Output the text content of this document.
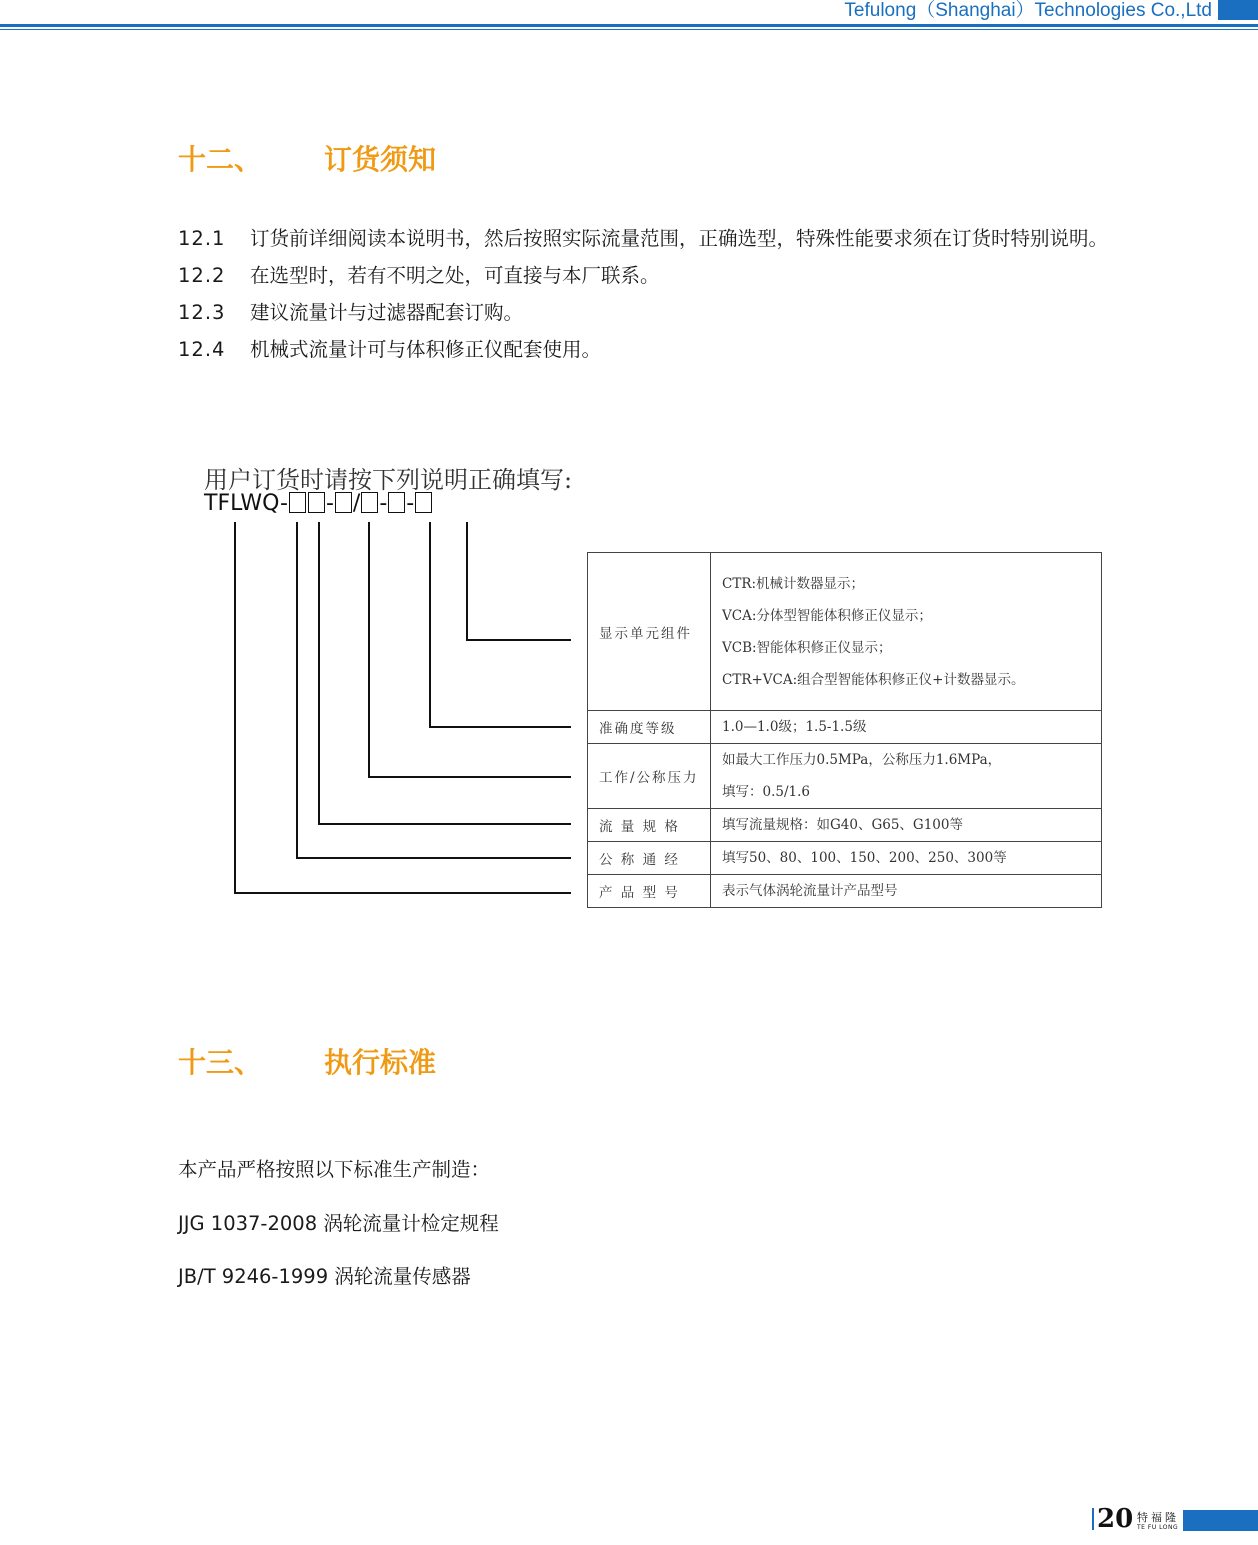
Tefulong（Shanghai）Technologies Co.,Ltd
十二、 订货须知
12.1	订货前详细阅读本说明书，然后按照实际流量范围，正确选型，特殊性能要求须在订货时特别说明。
12.2	在选型时，若有不明之处，可直接与本厂联系。
12.3	建议流量计与过滤器配套订购。
12.4	机械式流量计可与体积修正仪配套使用。
用户订货时请按下列说明正确填写:
TFLWQ- - / - -
显示单元组件	CTR:机械计数器显示；
VCA:分体型智能体积修正仪显示；
VCB:智能体积修正仪显示；
CTR+VCA:组合型智能体积修正仪+计数器显示。

准确度等级	1.0—1.0级；1.5-1.5级

工作/公称压力	如最大工作压力0.5MPa，公称压力1.6MPa，
填写：0.5/1.6

流 量 规 格	填写流量规格：如G40、G65、G100等

公 称 通 经	填写50、80、100、150、200、250、300等

产 品 型 号	表示气体涡轮流量计产品型号
十三、 执行标准
本产品严格按照以下标准生产制造：
JJG 1037-2008 涡轮流量计检定规程
JB/T 9246-1999 涡轮流量传感器
20 特福隆
TE FU LONG
